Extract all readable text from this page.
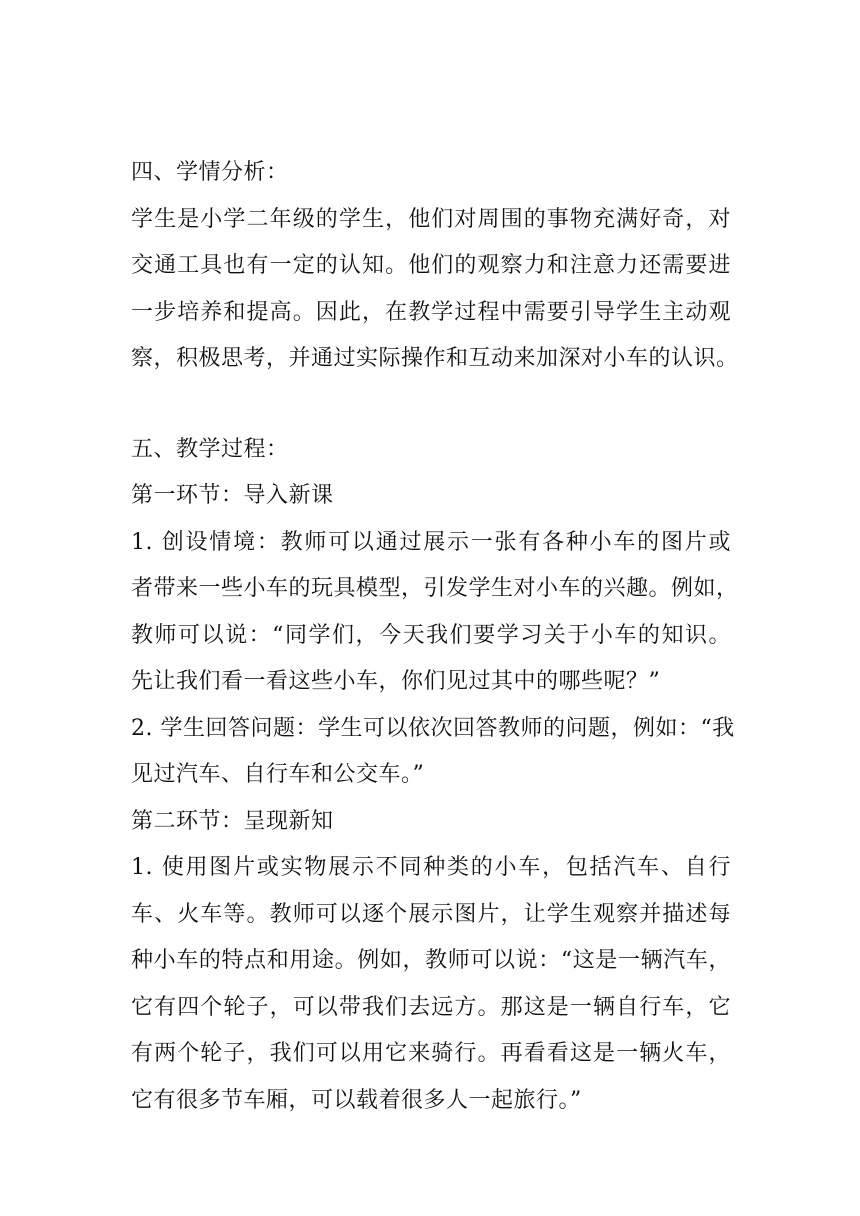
四、学情分析：
学生是小学二年级的学生，他们对周围的事物充满好奇，对
交通工具也有一定的认知。他们的观察力和注意力还需要进
一步培养和提高。因此，在教学过程中需要引导学生主动观
察，积极思考，并通过实际操作和互动来加深对小车的认识。
五、教学过程：
第一环节：导入新课
1. 创设情境：教师可以通过展示一张有各种小车的图片或
者带来一些小车的玩具模型，引发学生对小车的兴趣。例如，
教师可以说：“同学们，今天我们要学习关于小车的知识。
先让我们看一看这些小车，你们见过其中的哪些呢？”
2. 学生回答问题：学生可以依次回答教师的问题，例如：“我
见过汽车、自行车和公交车。”
第二环节：呈现新知
1. 使用图片或实物展示不同种类的小车，包括汽车、自行
车、火车等。教师可以逐个展示图片，让学生观察并描述每
种小车的特点和用途。例如，教师可以说：“这是一辆汽车，
它有四个轮子，可以带我们去远方。那这是一辆自行车，它
有两个轮子，我们可以用它来骑行。再看看这是一辆火车，
它有很多节车厢，可以载着很多人一起旅行。”
